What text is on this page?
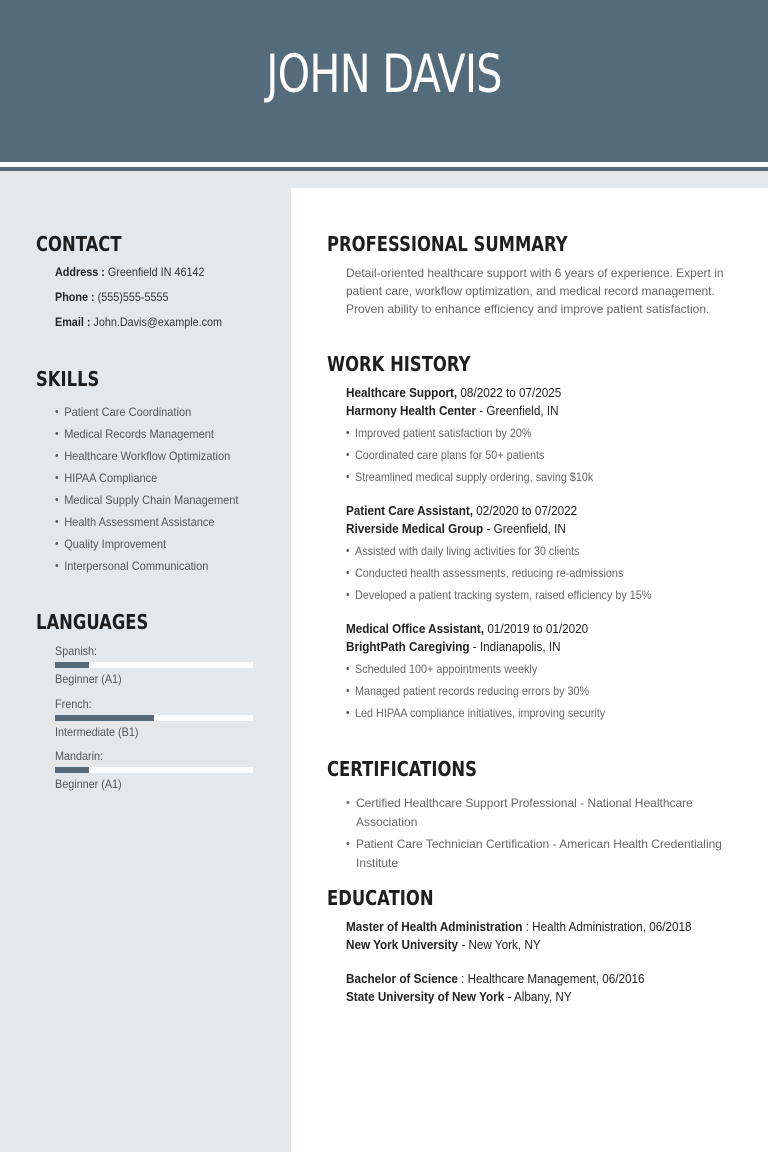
JOHN DAVIS
CONTACT
Address : Greenfield IN 46142
Phone : (555)555-5555
Email : John.Davis@example.com
SKILLS
• Patient Care Coordination
• Medical Records Management
• Healthcare Workflow Optimization
• HIPAA Compliance
• Medical Supply Chain Management
• Health Assessment Assistance
• Quality Improvement
• Interpersonal Communication
LANGUAGES
Spanish:
Beginner (A1)
French:
Intermediate (B1)
Mandarin:
Beginner (A1)
PROFESSIONAL SUMMARY
Detail-oriented healthcare support with 6 years of experience. Expert in patient care, workflow optimization, and medical record management. Proven ability to enhance efficiency and improve patient satisfaction.
WORK HISTORY
Healthcare Support, 08/2022 to 07/2025
Harmony Health Center - Greenfield, IN
• Improved patient satisfaction by 20%
• Coordinated care plans for 50+ patients
• Streamlined medical supply ordering, saving $10k
Patient Care Assistant, 02/2020 to 07/2022
Riverside Medical Group - Greenfield, IN
• Assisted with daily living activities for 30 clients
• Conducted health assessments, reducing re-admissions
• Developed a patient tracking system, raised efficiency by 15%
Medical Office Assistant, 01/2019 to 01/2020
BrightPath Caregiving - Indianapolis, IN
• Scheduled 100+ appointments weekly
• Managed patient records reducing errors by 30%
• Led HIPAA compliance initiatives, improving security
CERTIFICATIONS
• Certified Healthcare Support Professional - National Healthcare Association
• Patient Care Technician Certification - American Health Credentialing Institute
EDUCATION
Master of Health Administration : Health Administration, 06/2018
New York University - New York, NY
Bachelor of Science : Healthcare Management, 06/2016
State University of New York - Albany, NY
